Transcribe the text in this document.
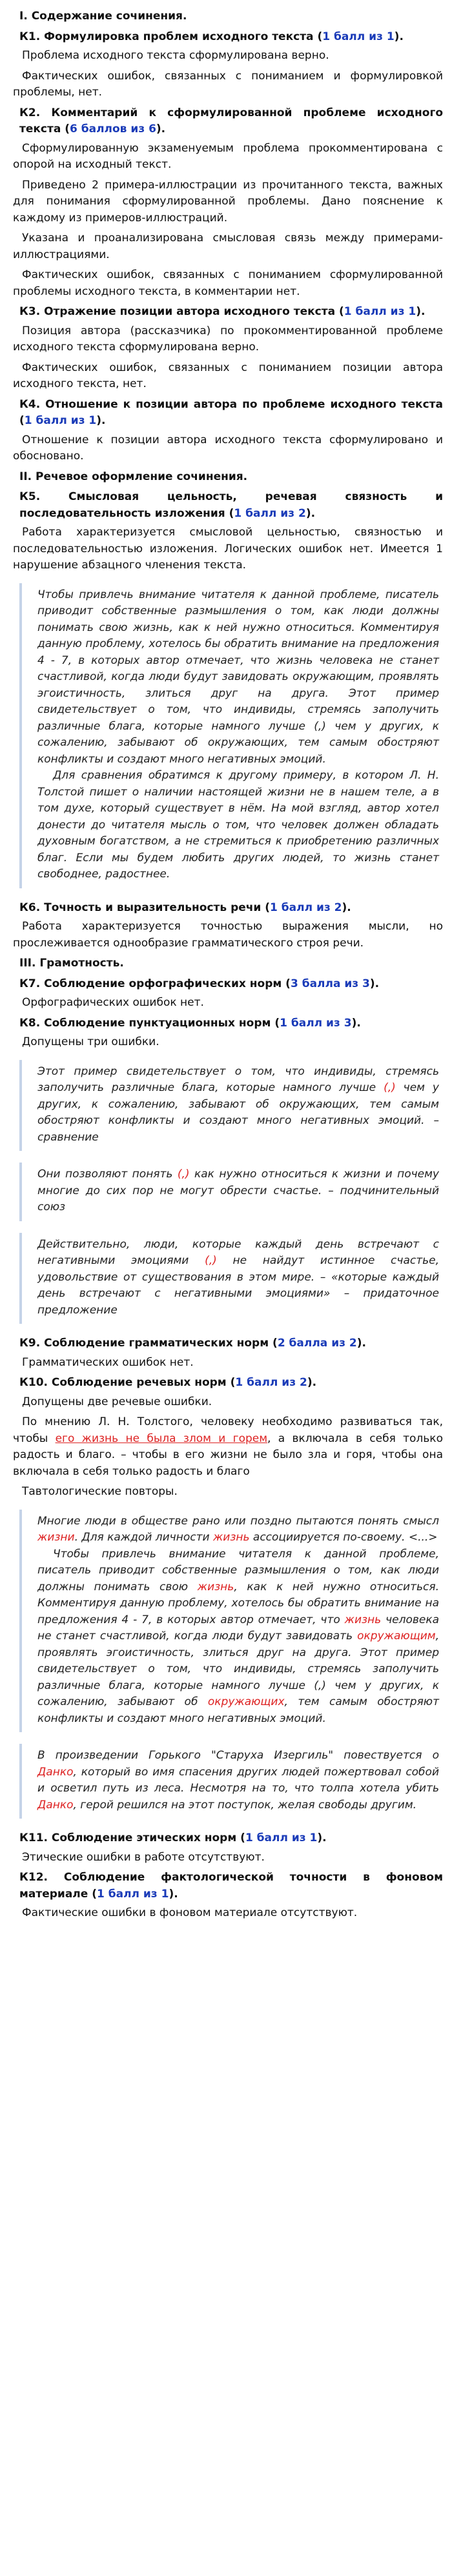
I. Содержание сочинения.
К1. Формулировка проблем исходного текста (1 балл из 1).
Проблема исходного текста сформулирована верно.
Фактических ошибок, связанных с пониманием и формулировкой проблемы, нет.
К2. Комментарий к сформулированной проблеме исходного текста (6 баллов из 6).
Сформулированную экзаменуемым проблема прокомментирована с опорой на исходный текст.
Приведено 2 примера-иллюстрации из прочитанного текста, важных для понимания сформулированной проблемы. Дано пояснение к каждому из примеров-иллюстраций.
Указана и проанализирована смысловая связь между примерами-иллюстрациями.
Фактических ошибок, связанных с пониманием сформулированной проблемы исходного текста, в комментарии нет.
К3. Отражение позиции автора исходного текста (1 балл из 1).
Позиция автора (рассказчика) по прокомментированной проблеме исходного текста сформулирована верно.
Фактических ошибок, связанных с пониманием позиции автора исходного текста, нет.
К4. Отношение к позиции автора по проблеме исходного текста (1 балл из 1).
Отношение к позиции автора исходного текста сформулировано и обосновано.
II. Речевое оформление сочинения.
К5. Смысловая цельность, речевая связность и последовательность изложения (1 балл из 2).
Работа характеризуется смысловой цельностью, связностью и последовательностью изложения. Логических ошибок нет. Имеется 1 нарушение абзацного членения текста.

Чтобы привлечь внимание читателя к данной проблеме, писатель приводит собственные размышления о том, как люди должны понимать свою жизнь, как к ней нужно относиться. Комментируя данную проблему, хотелось бы обратить внимание на предложения 4 - 7, в которых автор отмечает, что жизнь человека не станет счастливой, когда люди будут завидовать окружающим, проявлять эгоистичность, злиться друг на друга. Этот пример свидетельствует о том, что индивиды, стремясь заполучить различные блага, которые намного лучше (,) чем у других, к сожалению, забывают об окружающих, тем самым обостряют конфликты и создают много негативных эмоций.

Для сравнения обратимся к другому примеру, в котором Л. Н. Толстой пишет о наличии настоящей жизни не в нашем теле, а в том духе, который существует в нём. На мой взгляд, автор хотел донести до читателя мысль о том, что человек должен обладать духовным богатством, а не стремиться к приобретению различных благ. Если мы будем любить других людей, то жизнь станет свободнее, радостнее.

К6. Точность и выразительность речи (1 балл из 2).
Работа характеризуется точностью выражения мысли, но прослеживается однообразие грамматического строя речи.
III. Грамотность.
К7. Соблюдение орфографических норм (3 балла из 3).
Орфографических ошибок нет.
К8. Соблюдение пунктуационных норм (1 балл из 3).
Допущены три ошибки.

Этот пример свидетельствует о том, что индивиды, стремясь заполучить различные блага, которые намного лучше (,) чем у других, к сожалению, забывают об окружающих, тем самым обостряют конфликты и создают много негативных эмоций. – сравнение

Они позволяют понять (,) как нужно относиться к жизни и почему многие до сих пор не могут обрести счастье. – подчинительный союз

Действительно, люди, которые каждый день встречают с негативными эмоциями (,) не найдут истинное счастье, удовольствие от существования в этом мире. – «которые каждый день встречают с негативными эмоциями» – придаточное предложение

К9. Соблюдение грамматических норм (2 балла из 2).
Грамматических ошибок нет.
К10. Соблюдение речевых норм (1 балл из 2).
Допущены две речевые ошибки.
По мнению Л. Н. Толстого, человеку необходимо развиваться так, чтобы его жизнь не была злом и горем, а включала в себя только радость и благо. – чтобы в его жизни не было зла и горя, чтобы она включала в себя только радость и благо
Тавтологические повторы.

Многие люди в обществе рано или поздно пытаются понять смысл жизни. Для каждой личности жизнь ассоциируется по-своему. <...>

Чтобы привлечь внимание читателя к данной проблеме, писатель приводит собственные размышления о том, как люди должны понимать свою жизнь, как к ней нужно относиться. Комментируя данную проблему, хотелось бы обратить внимание на предложения 4 - 7, в которых автор отмечает, что жизнь человека не станет счастливой, когда люди будут завидовать окружающим, проявлять эгоистичность, злиться друг на друга. Этот пример свидетельствует о том, что индивиды, стремясь заполучить различные блага, которые намного лучше (,) чем у других, к сожалению, забывают об окружающих, тем самым обостряют конфликты и создают много негативных эмоций.

В произведении Горького "Старуха Изергиль" повествуется о Данко, который во имя спасения других людей пожертвовал собой и осветил путь из леса. Несмотря на то, что толпа хотела убить Данко, герой решился на этот поступок, желая свободы другим.

К11. Соблюдение этических норм (1 балл из 1).
Этические ошибки в работе отсутствуют.
К12. Соблюдение фактологической точности в фоновом материале (1 балл из 1).
Фактические ошибки в фоновом материале отсутствуют.
